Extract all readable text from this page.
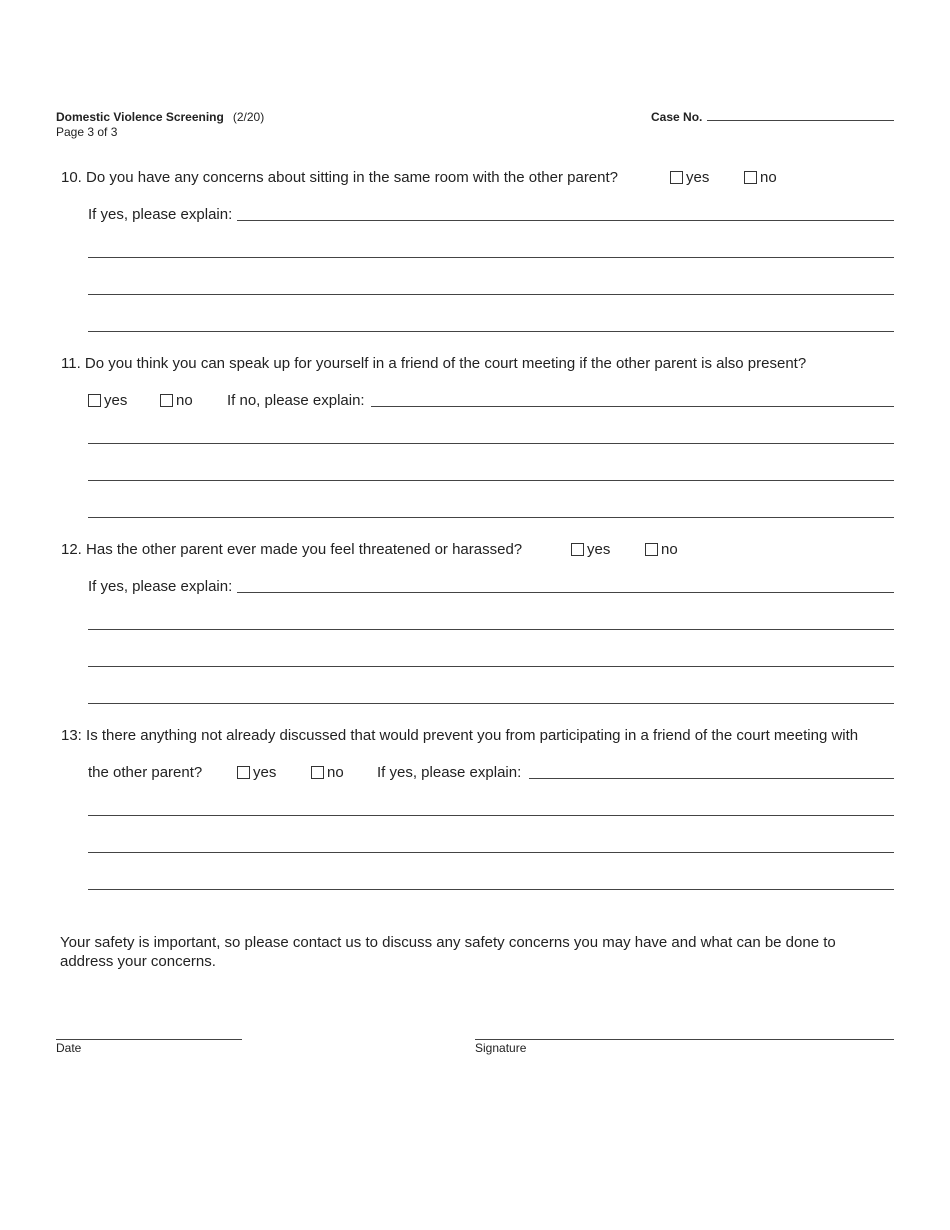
Domestic Violence Screening (2/20)
Page 3 of 3
Case No.
10. Do you have any concerns about sitting in the same room with the other parent?	yes	no
If yes, please explain:
11. Do you think you can speak up for yourself in a friend of the court meeting if the other parent is also present?
yes	no If no, please explain:
12. Has the other parent ever made you feel threatened or harassed?	yes	no
If yes, please explain:
13: Is there anything not already discussed that would prevent you from participating in a friend of the court meeting with
the other parent?	yes	no If yes, please explain:
Your safety is important, so please contact us to discuss any safety concerns you may have and what can be done to address your concerns.
Date	Signature
